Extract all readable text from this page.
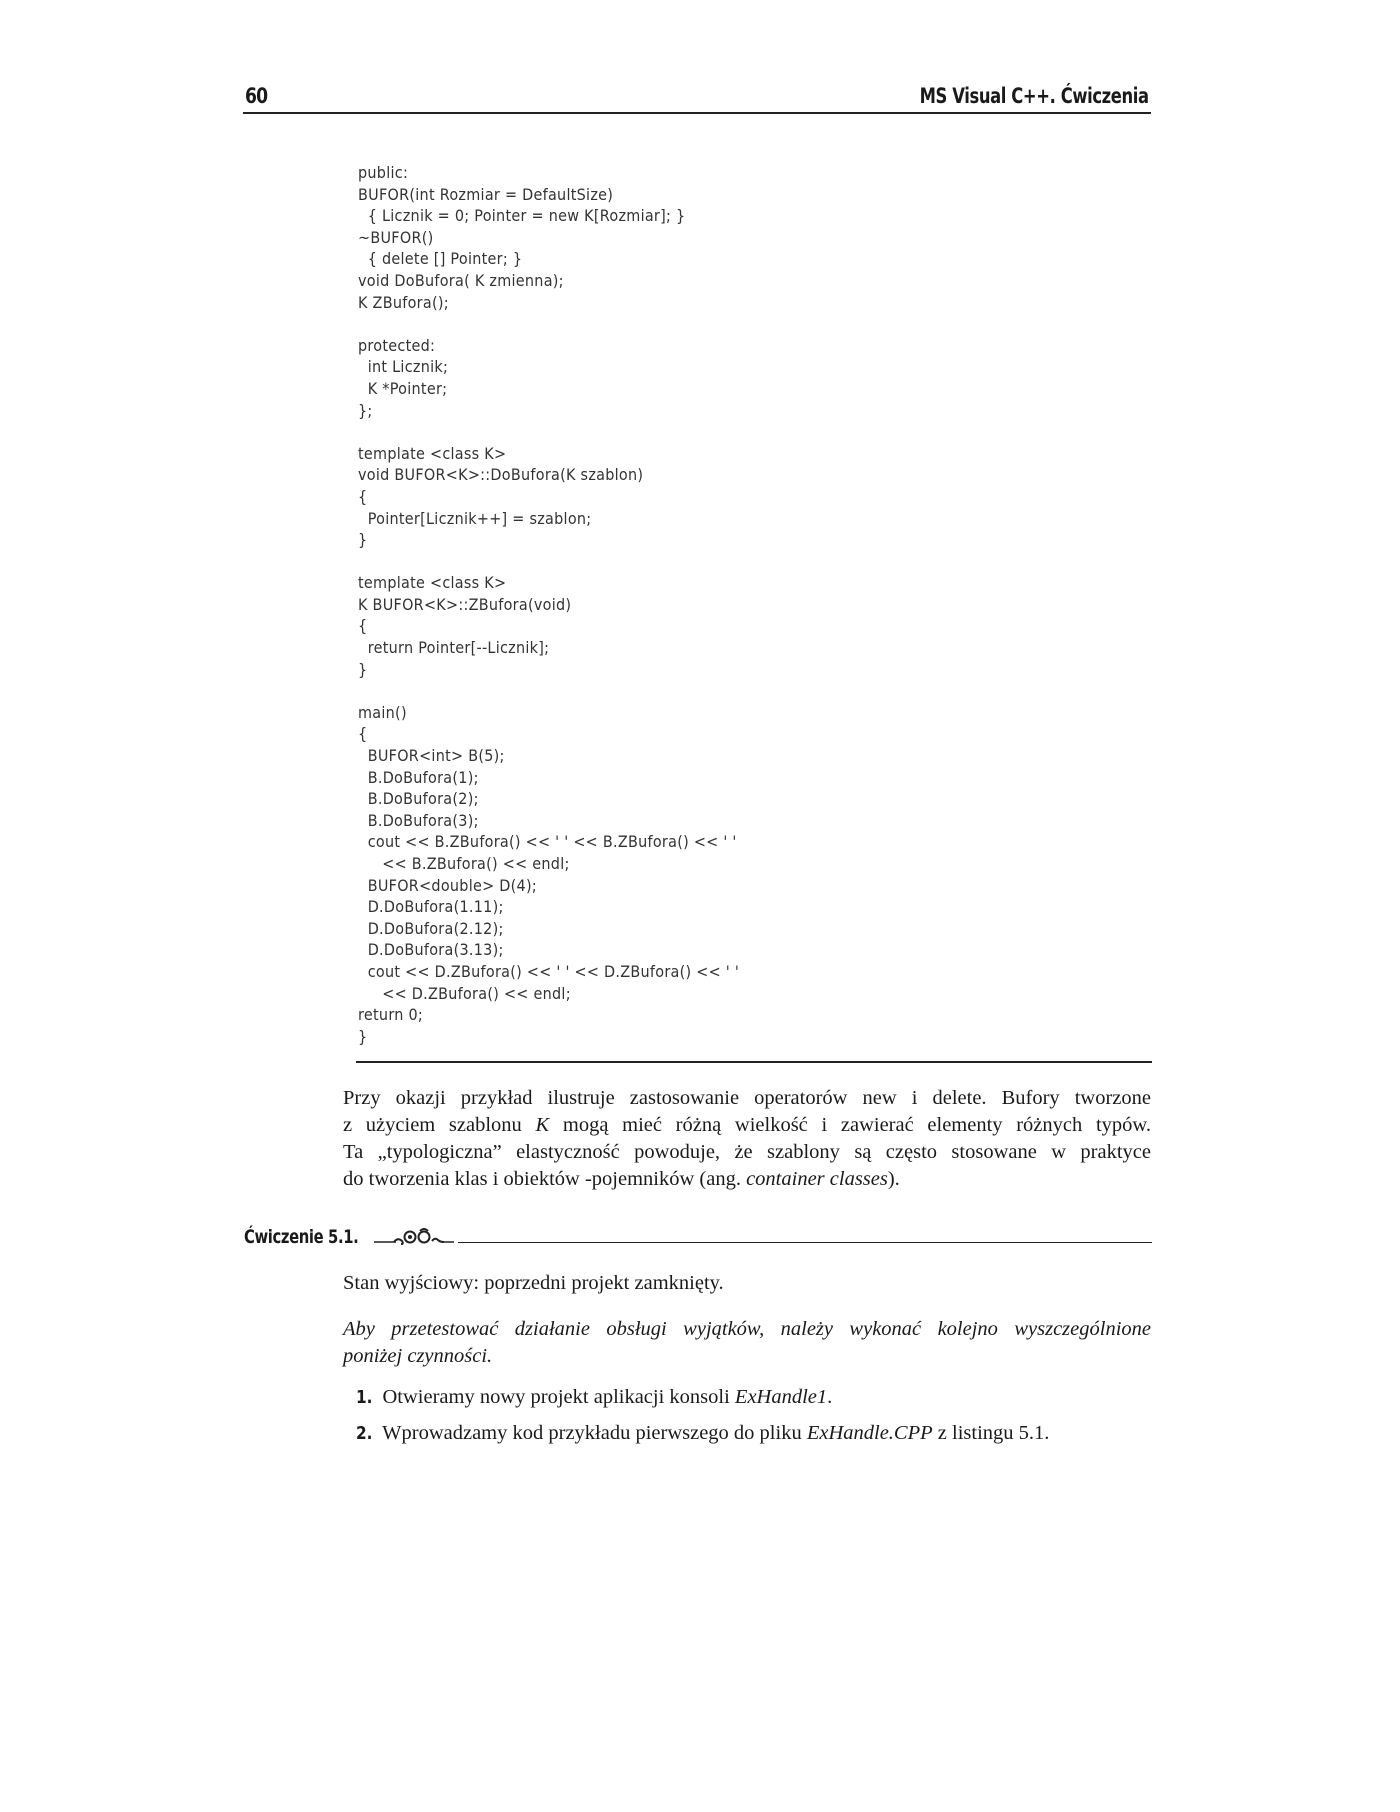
60	MS Visual C++. Ćwiczenia
public:
BUFOR(int Rozmiar = DefaultSize)
{ Licznik = 0; Pointer = new K[Rozmiar]; }
~BUFOR()
{ delete [] Pointer; }
void DoBufora( K zmienna);
K ZBufora();

protected:
int Licznik;
K *Pointer;
};

template <class K>
void BUFOR<K>::DoBufora(K szablon)
{
Pointer[Licznik++] = szablon;
}

template <class K>
K BUFOR<K>::ZBufora(void)
{
return Pointer[--Licznik];
}

main()
{
BUFOR<int> B(5);
B.DoBufora(1);
B.DoBufora(2);
B.DoBufora(3);
cout << B.ZBufora() << ' ' << B.ZBufora() << ' '
<< B.ZBufora() << endl;
BUFOR<double> D(4);
D.DoBufora(1.11);
D.DoBufora(2.12);
D.DoBufora(3.13);
cout << D.ZBufora() << ' ' << D.ZBufora() << ' '
<< D.ZBufora() << endl;
return 0;
}
Przy okazji przykład ilustruje zastosowanie operatorów new i delete. Bufory tworzone
z użyciem szablonu K mogą mieć różną wielkość i zawierać elementy różnych typów.
Ta „typologiczna” elastyczność powoduje, że szablony są często stosowane w praktyce
do tworzenia klas i obiektów -pojemników (ang. container classes).
Ćwiczenie 5.1.
Stan wyjściowy: poprzedni projekt zamknięty.
Aby przetestować działanie obsługi wyjątków, należy wykonać kolejno wyszczególnione
poniżej czynności.
1. Otwieramy nowy projekt aplikacji konsoli ExHandle1.
2. Wprowadzamy kod przykładu pierwszego do pliku ExHandle.CPP z listingu 5.1.
